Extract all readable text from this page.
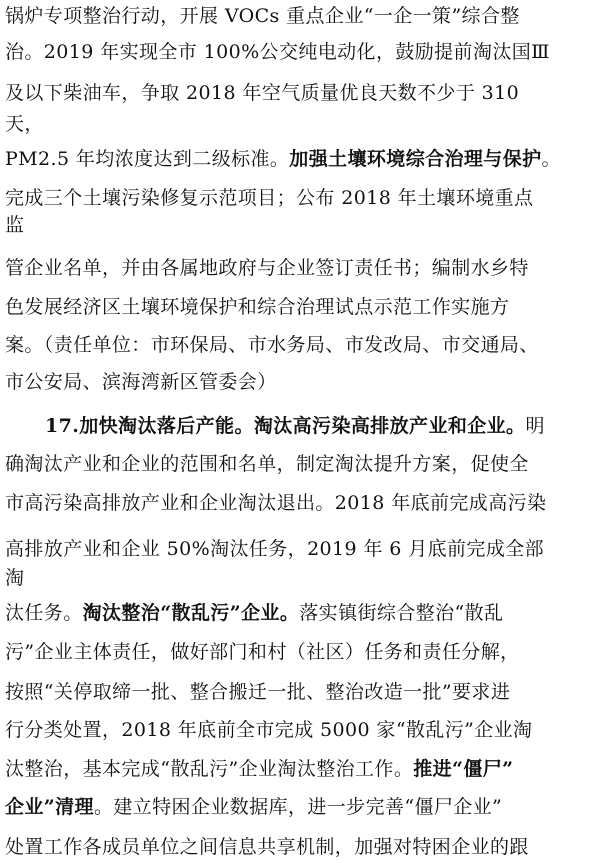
锅炉专项整治行动，开展 VOCs 重点企业“一企一策”综合整
治。2019 年实现全市 100%公交纯电动化，鼓励提前淘汰国Ⅲ
及以下柴油车，争取 2018 年空气质量优良天数不少于 310
天，
PM2.5 年均浓度达到二级标准。加强土壤环境综合治理与保护。
完成三个土壤污染修复示范项目；公布 2018 年土壤环境重点
监
管企业名单，并由各属地政府与企业签订责任书；编制水乡特
色发展经济区土壤环境保护和综合治理试点示范工作实施方
案。（责任单位：市环保局、市水务局、市发改局、市交通局、
市公安局、滨海湾新区管委会）
17.加快淘汰落后产能。淘汰高污染高排放产业和企业。明
确淘汰产业和企业的范围和名单，制定淘汰提升方案，促使全
市高污染高排放产业和企业淘汰退出。2018 年底前完成高污染
高排放产业和企业 50%淘汰任务，2019 年 6 月底前完成全部
淘
汰任务。淘汰整治“散乱污”企业。落实镇街综合整治“散乱
污”企业主体责任，做好部门和村（社区）任务和责任分解，
按照“关停取缔一批、整合搬迁一批、整治改造一批”要求进
行分类处置，2018 年底前全市完成 5000 家“散乱污”企业淘
汰整治，基本完成“散乱污”企业淘汰整治工作。推进“僵尸”
企业”清理。建立特困企业数据库，进一步完善“僵尸企业”
处置工作各成员单位之间信息共享机制，加强对特困企业的跟
